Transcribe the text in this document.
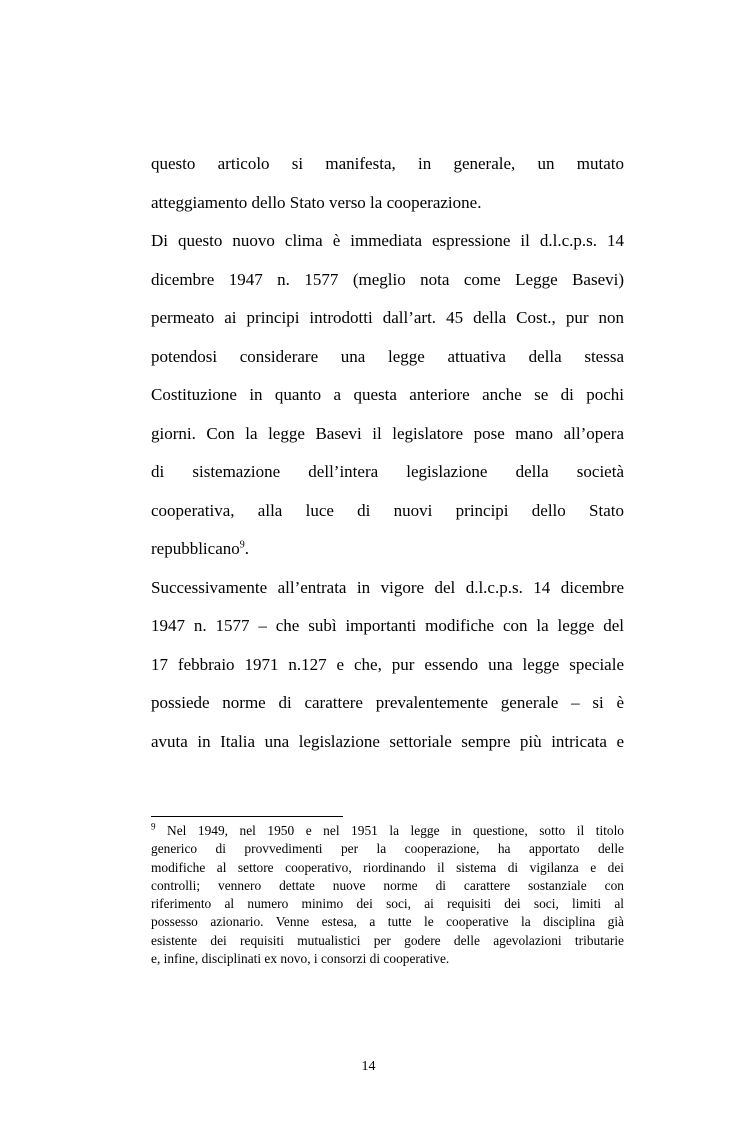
questo articolo si manifesta, in generale, un mutato
atteggiamento dello Stato verso la cooperazione.

Di questo nuovo clima è immediata espressione il d.l.c.p.s. 14
dicembre 1947 n. 1577 (meglio nota come Legge Basevi)
permeato ai principi introdotti dall’art. 45 della Cost., pur non
potendosi considerare una legge attuativa della stessa
Costituzione in quanto a questa anteriore anche se di pochi
giorni. Con la legge Basevi il legislatore pose mano all’opera
di sistemazione dell’intera legislazione della società
cooperativa, alla luce di nuovi principi dello Stato
repubblicano$^9$.

Successivamente all’entrata in vigore del d.l.c.p.s. 14 dicembre
1947 n. 1577 – che subì importanti modifiche con la legge del
17 febbraio 1971 n.127 e che, pur essendo una legge speciale
possiede norme di carattere prevalentemente generale – si è
avuta in Italia una legislazione settoriale sempre più intricata e

$^9$ Nel 1949, nel 1950 e nel 1951 la legge in questione, sotto il titolo
generico di provvedimenti per la cooperazione, ha apportato delle
modifiche al settore cooperativo, riordinando il sistema di vigilanza e dei
controlli; vennero dettate nuove norme di carattere sostanziale con
riferimento al numero minimo dei soci, ai requisiti dei soci, limiti al
possesso azionario. Venne estesa, a tutte le cooperative la disciplina già
esistente dei requisiti mutualistici per godere delle agevolazioni tributarie
e, infine, disciplinati ex novo, i consorzi di cooperative.
14
